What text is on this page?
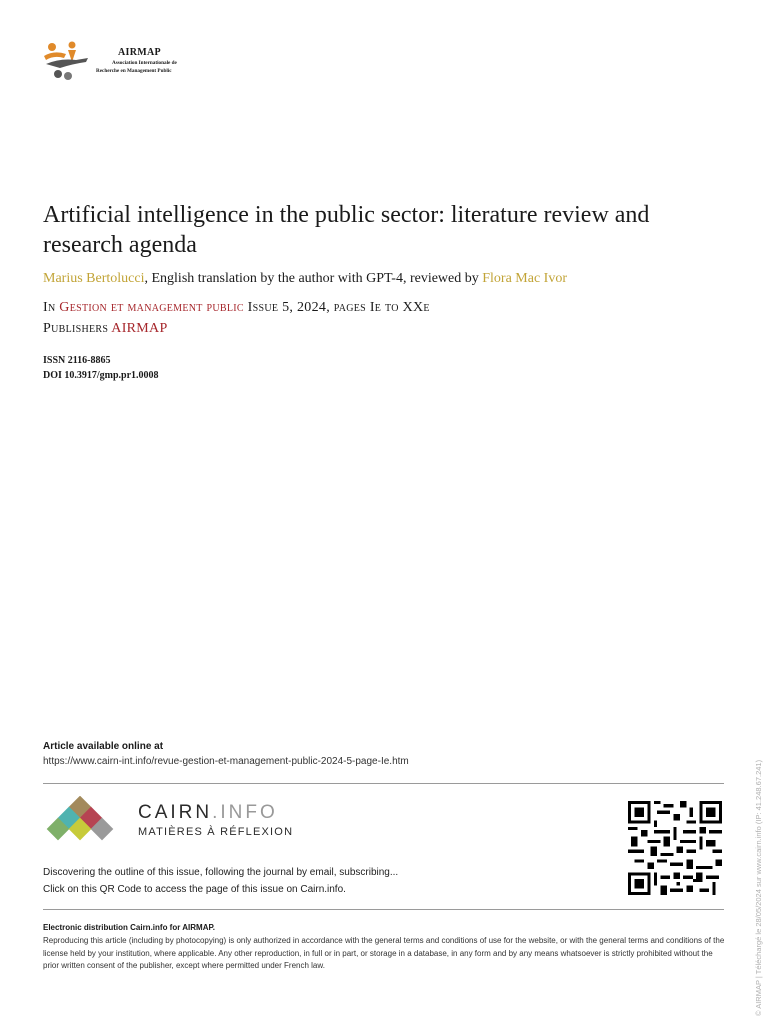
AIRMAP
Association Internationale de
Recherche en Management Public
Artificial intelligence in the public sector: literature review and research agenda
Marius Bertolucci, English translation by the author with GPT-4, reviewed by Flora Mac Ivor
In Gestion et management public Issue 5, 2024, pages Ie to XXe
Publishers AIRMAP
ISSN 2116-8865
DOI 10.3917/gmp.pr1.0008
Article available online at
https://www.cairn-int.info/revue-gestion-et-management-public-2024-5-page-Ie.htm
CAIRN.INFO
MATIÈRES À RÉFLEXION
Discovering the outline of this issue, following the journal by email, subscribing...
Click on this QR Code to access the page of this issue on Cairn.info.
Electronic distribution Cairn.info for AIRMAP.
Reproducing this article (including by photocopying) is only authorized in accordance with the general terms and conditions of use for the website, or with the general terms and conditions of the license held by your institution, where applicable. Any other reproduction, in full or in part, or storage in a database, in any form and by any means whatsoever is strictly prohibited without the prior written consent of the publisher, except where permitted under French law.	© AIRMAP | Téléchargé le 28/05/2024 sur www.cairn.info (IP: 41.248.67.241)
